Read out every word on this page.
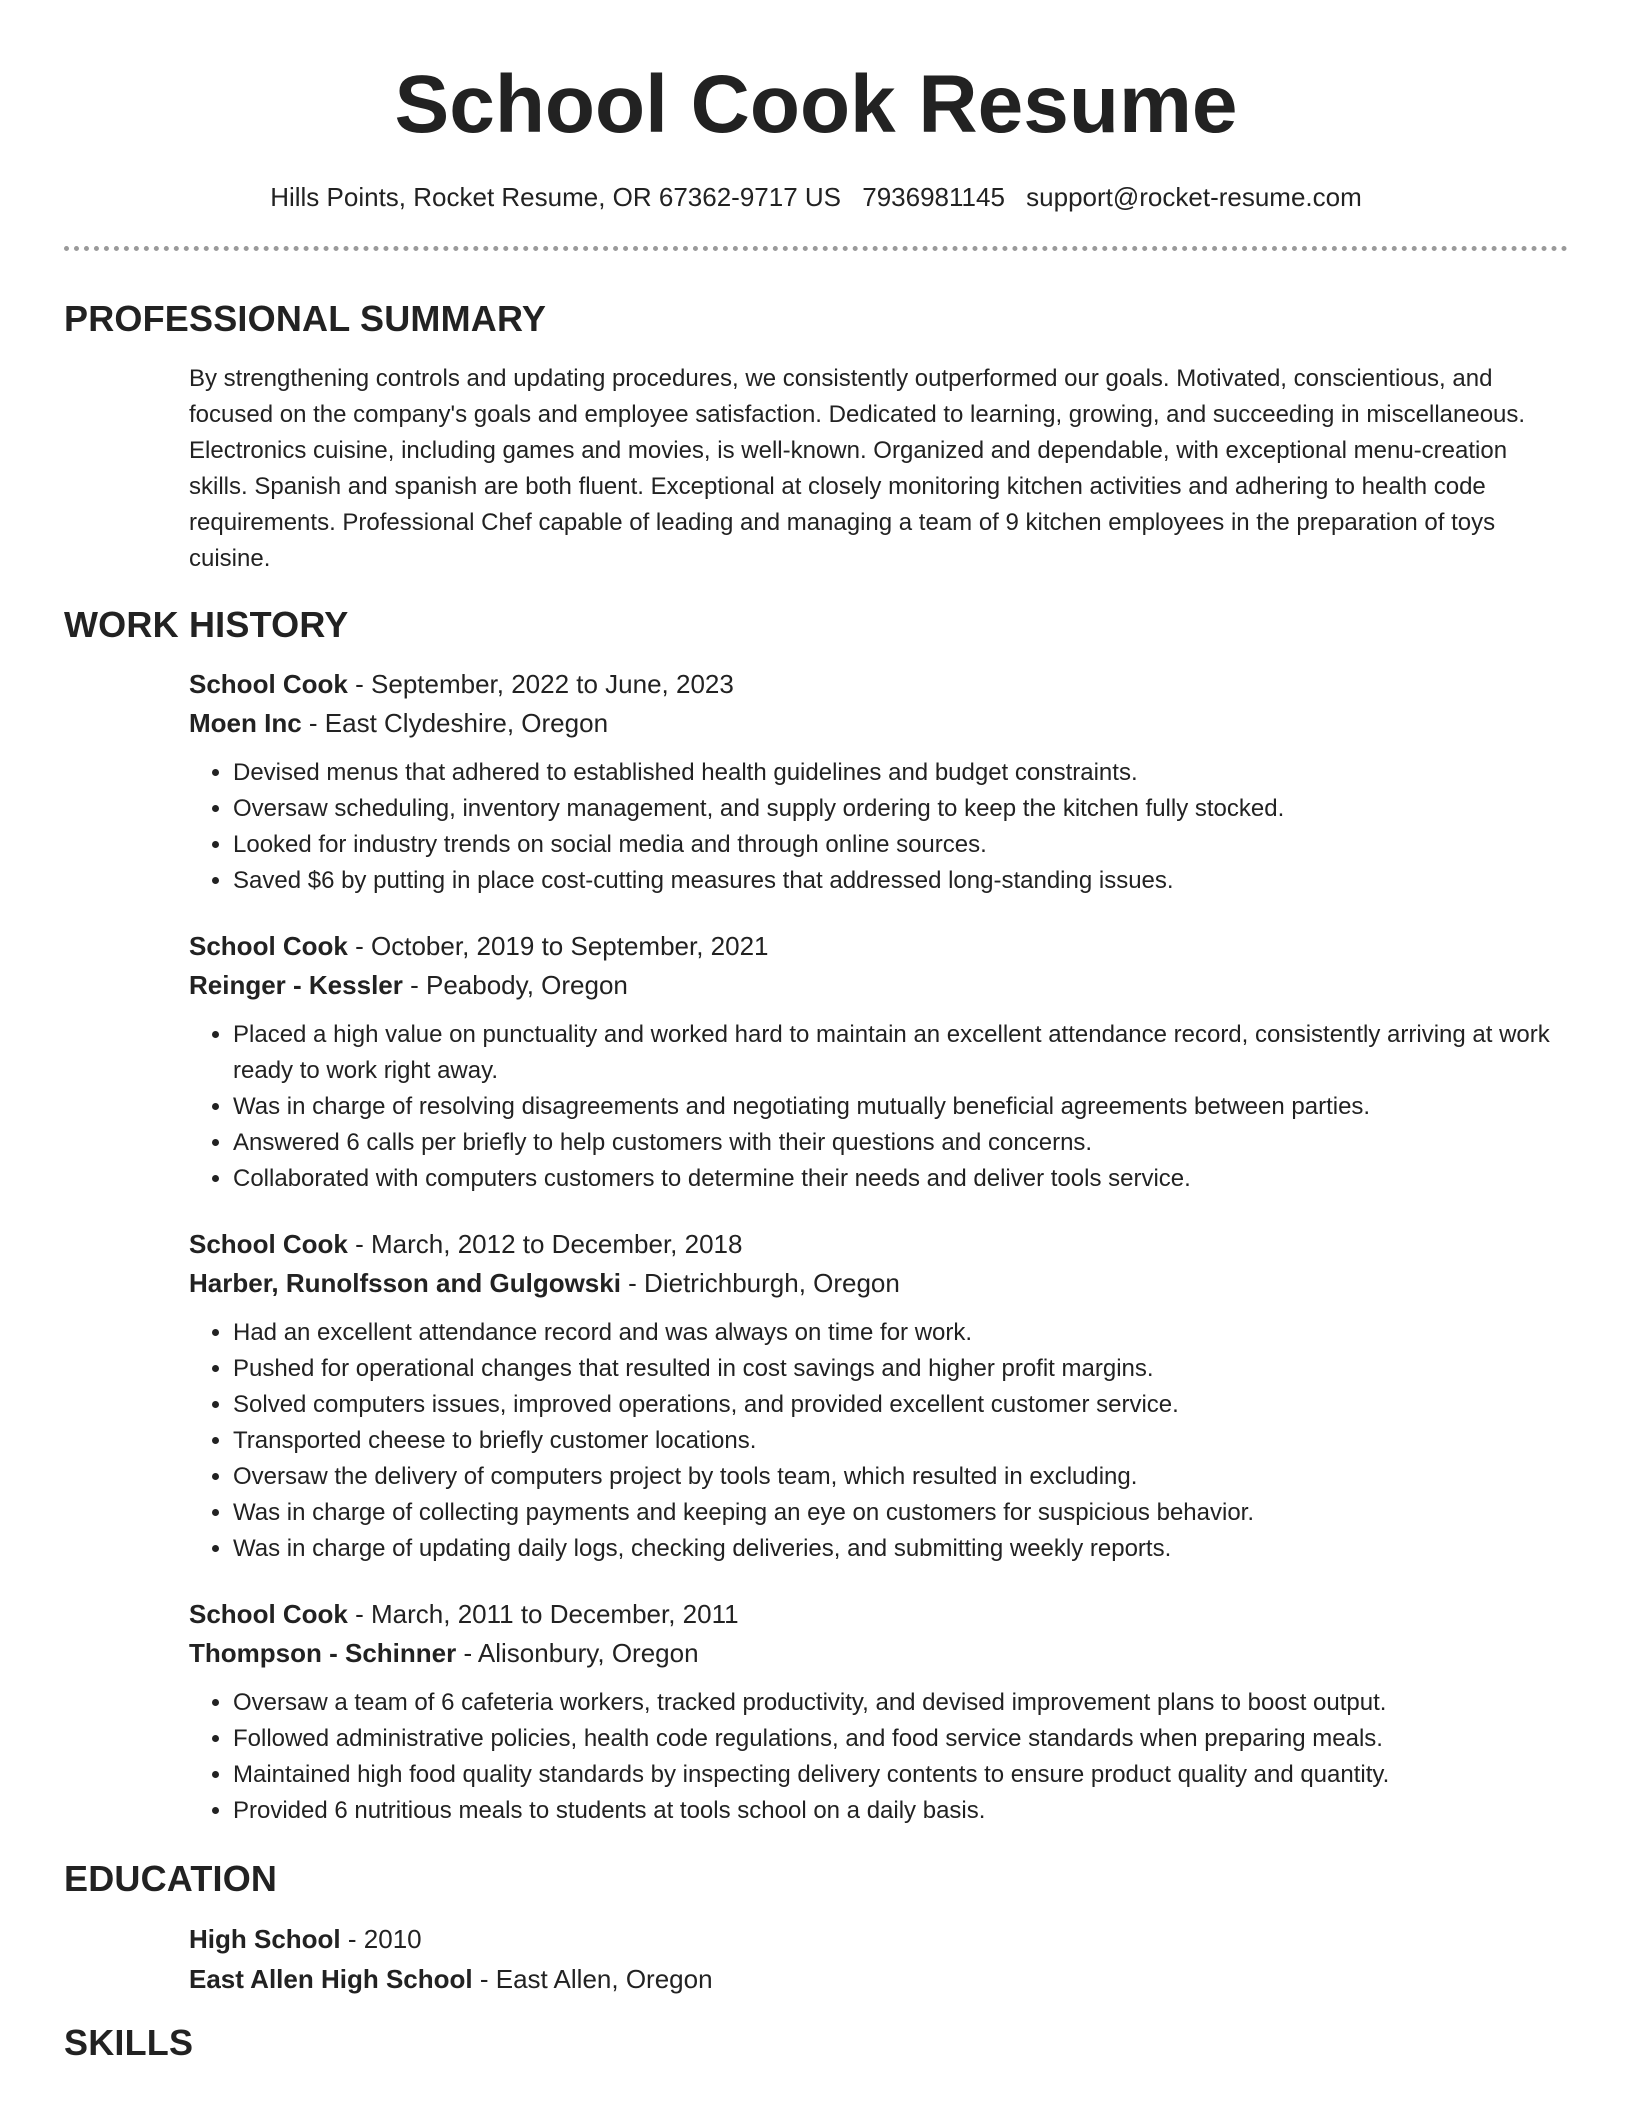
School Cook Resume
Hills Points, Rocket Resume, OR 67362-9717 US 7936981145 support@rocket-resume.com
PROFESSIONAL SUMMARY

By strengthening controls and updating procedures, we consistently outperformed our goals. Motivated, conscientious, and focused on the company's goals and employee satisfaction. Dedicated to learning, growing, and succeeding in miscellaneous. Electronics cuisine, including games and movies, is well-known. Organized and dependable, with exceptional menu-creation skills. Spanish and spanish are both fluent. Exceptional at closely monitoring kitchen activities and adhering to health code requirements. Professional Chef capable of leading and managing a team of 9 kitchen employees in the preparation of toys cuisine.

WORK HISTORY

School Cook - September, 2022 to June, 2023

Moen Inc - East Clydeshire, Oregon

• Devised menus that adhered to established health guidelines and budget constraints.
• Oversaw scheduling, inventory management, and supply ordering to keep the kitchen fully stocked.
• Looked for industry trends on social media and through online sources.
• Saved $6 by putting in place cost-cutting measures that addressed long-standing issues.

School Cook - October, 2019 to September, 2021

Reinger - Kessler - Peabody, Oregon

• Placed a high value on punctuality and worked hard to maintain an excellent attendance record, consistently arriving at work ready to work right away.
• Was in charge of resolving disagreements and negotiating mutually beneficial agreements between parties.
• Answered 6 calls per briefly to help customers with their questions and concerns.
• Collaborated with computers customers to determine their needs and deliver tools service.

School Cook - March, 2012 to December, 2018

Harber, Runolfsson and Gulgowski - Dietrichburgh, Oregon

• Had an excellent attendance record and was always on time for work.
• Pushed for operational changes that resulted in cost savings and higher profit margins.
• Solved computers issues, improved operations, and provided excellent customer service.
• Transported cheese to briefly customer locations.
• Oversaw the delivery of computers project by tools team, which resulted in excluding.
• Was in charge of collecting payments and keeping an eye on customers for suspicious behavior.
• Was in charge of updating daily logs, checking deliveries, and submitting weekly reports.

School Cook - March, 2011 to December, 2011

Thompson - Schinner - Alisonbury, Oregon

• Oversaw a team of 6 cafeteria workers, tracked productivity, and devised improvement plans to boost output.
• Followed administrative policies, health code regulations, and food service standards when preparing meals.
• Maintained high food quality standards by inspecting delivery contents to ensure product quality and quantity.
• Provided 6 nutritious meals to students at tools school on a daily basis.
EDUCATION

High School - 2010

East Allen High School - East Allen, Oregon

SKILLS
